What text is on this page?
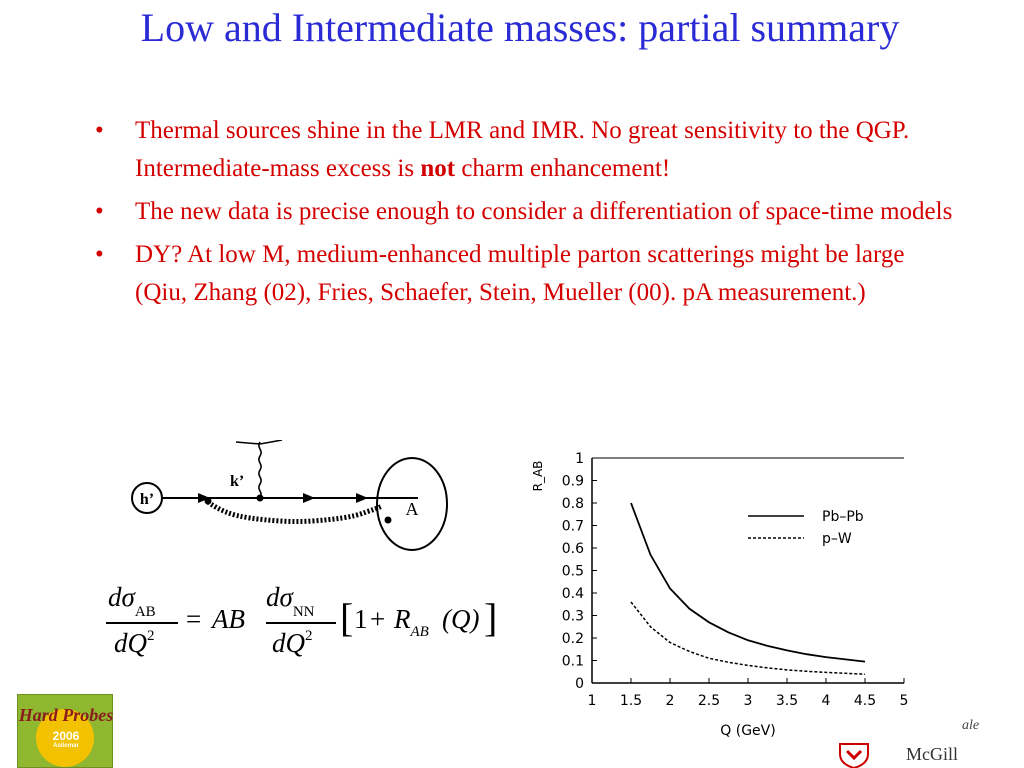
Low and Intermediate masses: partial summary
• Thermal sources shine in the LMR and IMR. No great sensitivity to the QGP. Intermediate-mass excess is not charm enhancement!
• The new data is precise enough to consider a differentiation of space-time models
• DY? At low M, medium-enhanced multiple parton scatterings might be large (Qiu, Zhang (02), Fries, Schaefer, Stein, Mueller (00). pA measurement.)
h’
k’
A
$d\sigma_{AB}$
$dQ^2$
= AB
$d\sigma_{NN}$
$dQ^2$ [ $1 + R_{AB}$ (Q) ]
0
0.1
0.2
0.3
0.4
0.5
0.6
0.7
0.8
0.9
1
1 1.5 2 2.5 3 3.5 4 4.5 5
Q (GeV)
R_AB
Pb–Pb
p–W
Hard Probes
2006
Asilomar
ale
McGill
